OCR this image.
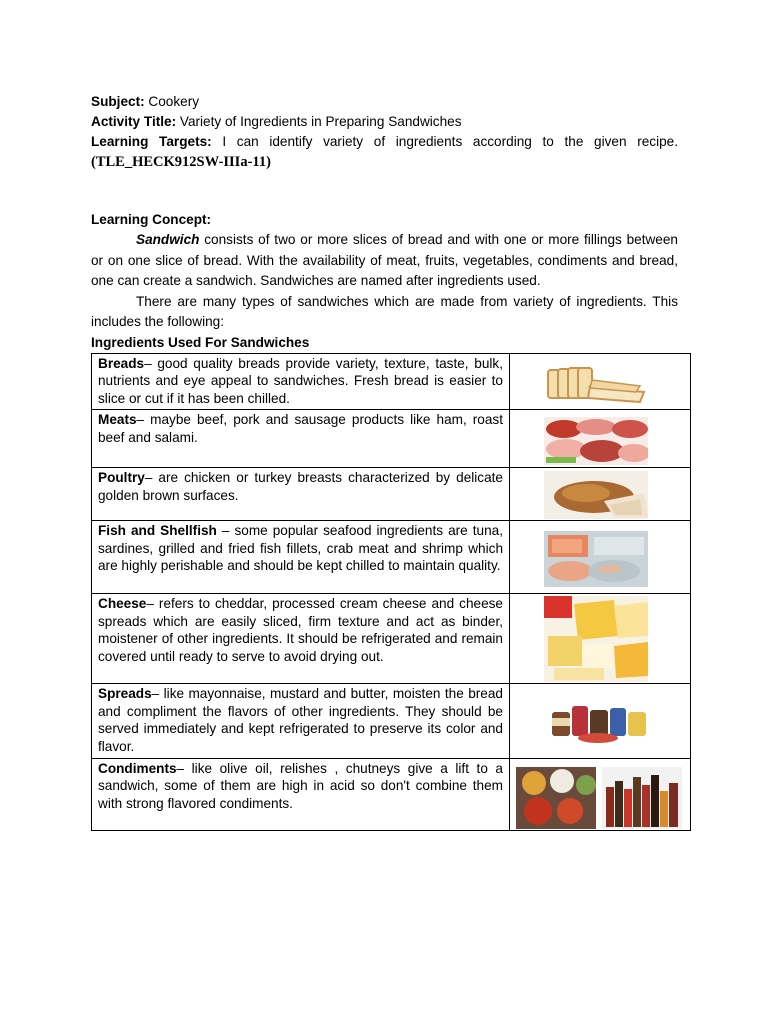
Subject: Cookery

Activity Title: Variety of Ingredients in Preparing Sandwiches

Learning Targets: I can identify variety of ingredients according to the given recipe.

(TLE_HECK912SW-IIIa-11)

Learning Concept:

Sandwich consists of two or more slices of bread and with one or more fillings between or on one slice of bread. With the availability of meat, fruits, vegetables, condiments and bread, one can create a sandwich. Sandwiches are named after ingredients used.

There are many types of sandwiches which are made from variety of ingredients. This includes the following:

Ingredients Used For Sandwiches

Breads– good quality breads provide variety, texture, taste, bulk, nutrients and eye appeal to sandwiches. Fresh bread is easier to slice or cut if it has been chilled.	

Meats– maybe beef, pork and sausage products like ham, roast beef and salami.	

Poultry– are chicken or turkey breasts characterized by delicate golden brown surfaces.	

Fish and Shellfish – some popular seafood ingredients are tuna, sardines, grilled and fried fish fillets, crab meat and shrimp which are highly perishable and should be kept chilled to maintain quality.	

Cheese– refers to cheddar, processed cream cheese and cheese spreads which are easily sliced, firm texture and act as binder, moistener of other ingredients. It should be refrigerated and remain covered until ready to serve to avoid drying out.	

Spreads– like mayonnaise, mustard and butter, moisten the bread and compliment the flavors of other ingredients. They should be served immediately and kept refrigerated to preserve its color and flavor.	

Condiments– like olive oil, relishes , chutneys give a lift to a sandwich, some of them are high in acid so don't combine them with strong flavored condiments.	
